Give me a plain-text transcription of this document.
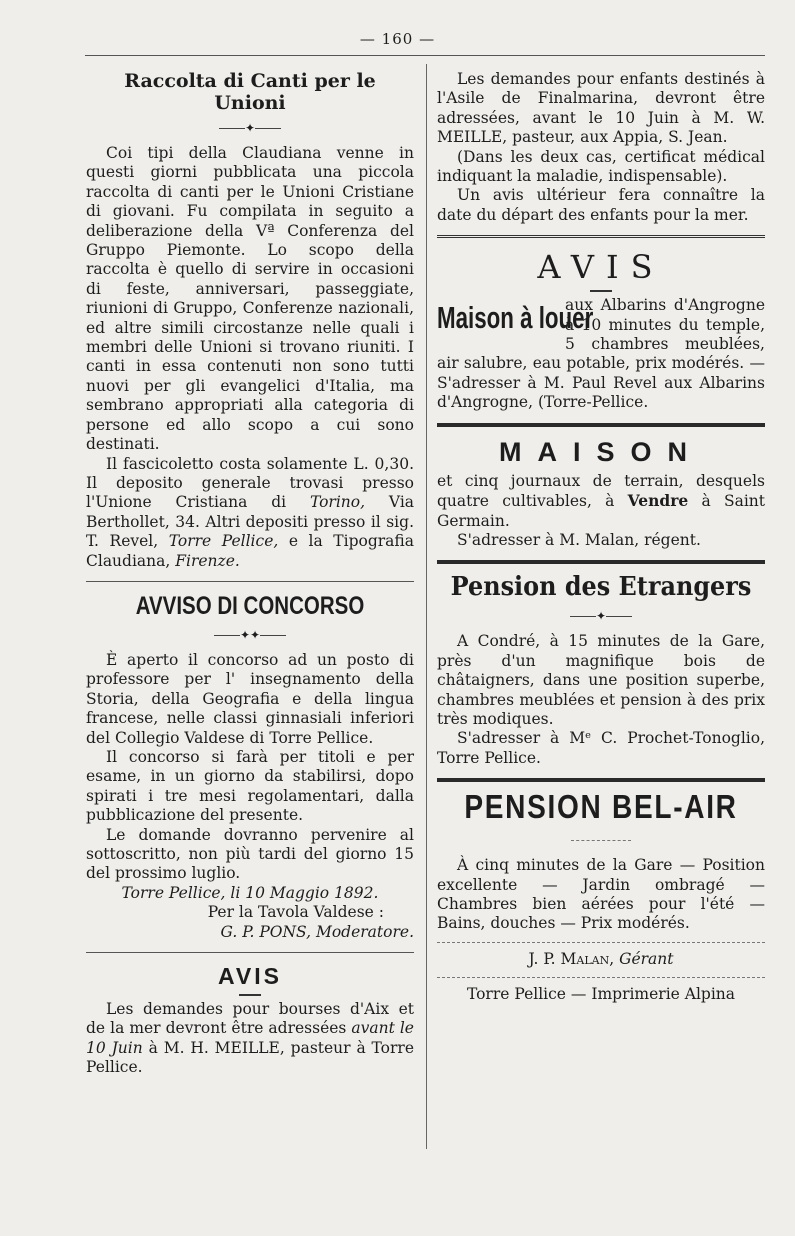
— 160 —
Raccolta di Canti per le Unioni
✦

Coi tipi della Claudiana venne in questi giorni pubblicata una piccola raccolta di canti per le Unioni Cristiane di giovani. Fu compilata in seguito a deliberazione della Vª Conferenza del Gruppo Piemonte. Lo scopo della raccolta è quello di servire in occasioni di feste, anniversari, passeggiate, riunioni di Gruppo, Conferenze nazionali, ed altre simili circostanze nelle quali i membri delle Unioni si trovano riuniti. I canti in essa contenuti non sono tutti nuovi per gli evangelici d'Italia, ma sembrano appropriati alla categoria di persone ed allo scopo a cui sono destinati.

Il fascicoletto costa solamente L. 0,30. Il deposito generale trovasi presso l'Unione Cristiana di Torino, Via Berthollet, 34. Altri depositi presso il sig. T. Revel, Torre Pellice, e la Tipografia Claudiana, Firenze.

AVVISO DI CONCORSO
✦✦

È aperto il concorso ad un posto di professore per l' insegnamento della Storia, della Geografia e della lingua francese, nelle classi ginnasiali inferiori del Collegio Valdese di Torre Pellice.

Il concorso si farà per titoli e per esame, in un giorno da stabilirsi, dopo spirati i tre mesi regolamentari, dalla pubblicazione del presente.

Le domande dovranno pervenire al sottoscritto, non più tardi del giorno 15 del prossimo luglio.

Torre Pellice, li 10 Maggio 1892.
Per la Tavola Valdese :
G. P. PONS, Moderatore.
AVIS

Les demandes pour bourses d'Aix et de la mer devront être adressées avant le 10 Juin à M. H. MEILLE, pasteur à Torre Pellice.

Les demandes pour enfants destinés à l'Asile de Finalmarina, devront être adressées, avant le 10 Juin à M. W. MEILLE, pasteur, aux Appia, S. Jean.

(Dans les deux cas, certificat médical indiquant la maladie, indispensable).

Un avis ultérieur fera connaître la date du départ des enfants pour la mer.

AVIS
Maison à louer

aux Albarins d'Angrogne à 10 minutes du temple, 5 chambres meublées, air salubre, eau potable, prix modérés. — S'adresser à M. Paul Revel aux Albarins d'Angrogne, (Torre-Pellice.

MAISON

et cinq journaux de terrain, desquels quatre cultivables, à Vendre à Saint Germain.

S'adresser à M. Malan, régent.

Pension des Etrangers
✦

A Condré, à 15 minutes de la Gare, près d'un magnifique bois de châtaigners, dans une position superbe, chambres meublées et pension à des prix très modiques.

S'adresser à Mᵉ C. Prochet-Tonoglio, Torre Pellice.

PENSION BEL-AIR

À cinq minutes de la Gare — Position excellente — Jardin ombragé — Chambres bien aérées pour l'été — Bains, douches — Prix modérés.

J. P. Malan, Gérant
Torre Pellice — Imprimerie Alpina
